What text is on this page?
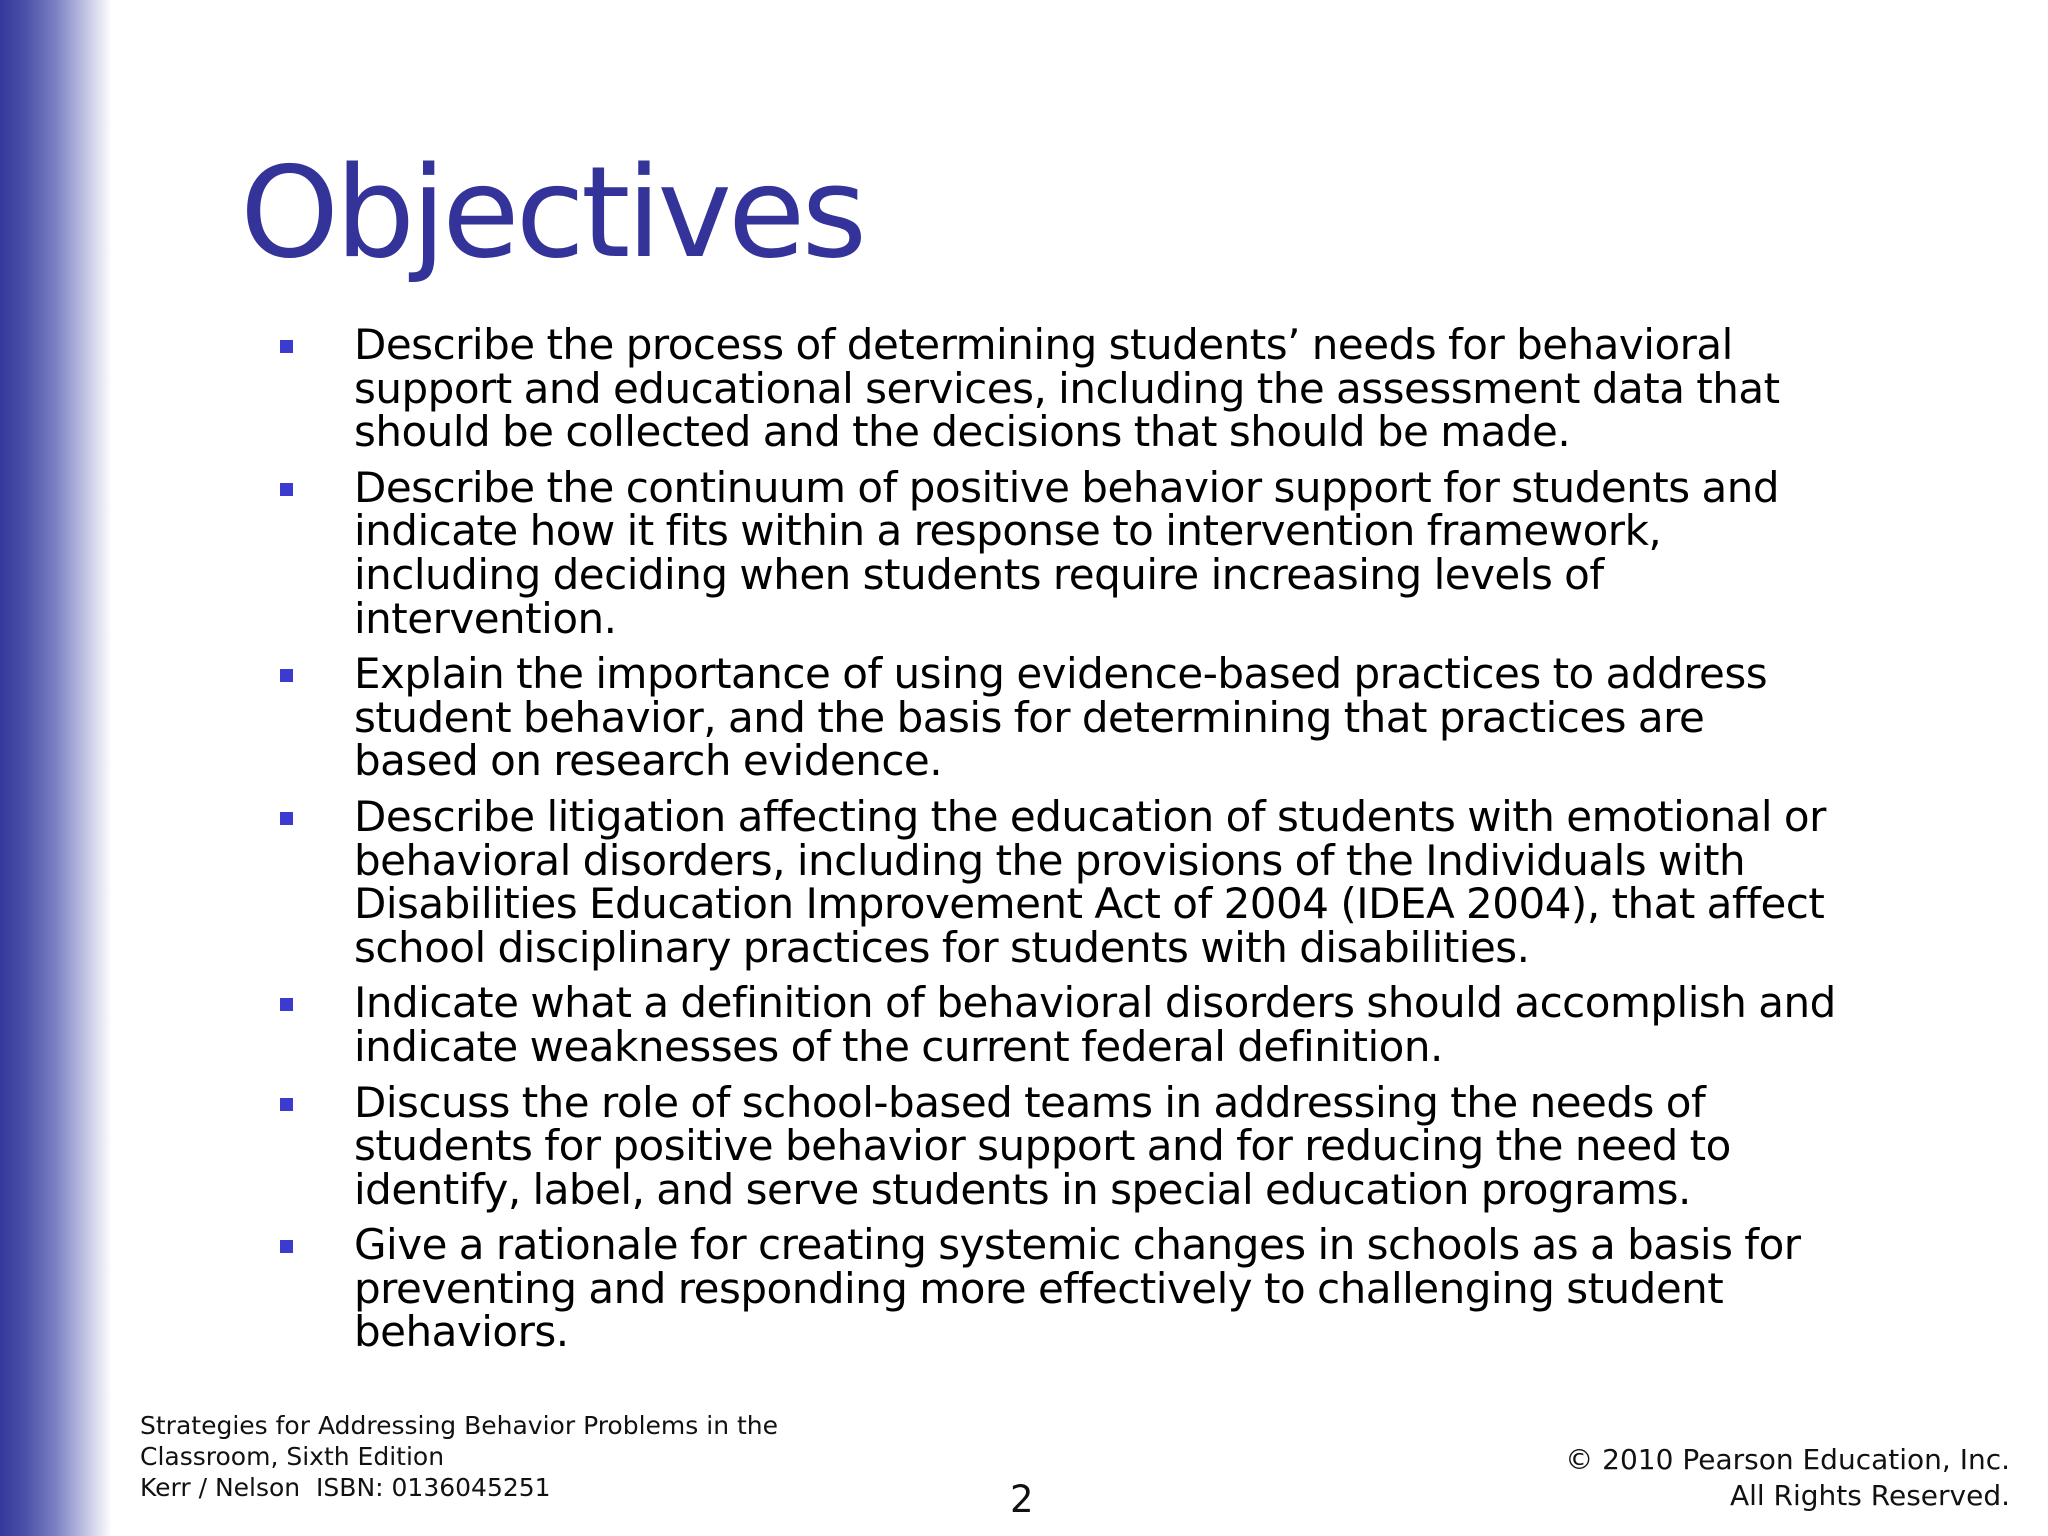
Objectives
Describe the process of determining students’ needs for behavioral support and educational services, including the assessment data that should be collected and the decisions that should be made.
Describe the continuum of positive behavior support for students and indicate how it fits within a response to intervention framework, including deciding when students require increasing levels of intervention.
Explain the importance of using evidence-based practices to address student behavior, and the basis for determining that practices are based on research evidence.
Describe litigation affecting the education of students with emotional or behavioral disorders, including the provisions of the Individuals with Disabilities Education Improvement Act of 2004 (IDEA 2004), that affect school disciplinary practices for students with disabilities.
Indicate what a definition of behavioral disorders should accomplish and indicate weaknesses of the current federal definition.
Discuss the role of school-based teams in addressing the needs of students for positive behavior support and for reducing the need to identify, label, and serve students in special education programs.
Give a rationale for creating systemic changes in schools as a basis for preventing and responding more effectively to challenging student behaviors.
Strategies for Addressing Behavior Problems in the
Classroom, Sixth Edition
Kerr / Nelson  ISBN: 0136045251	2
© 2010 Pearson Education, Inc.
All Rights Reserved.
